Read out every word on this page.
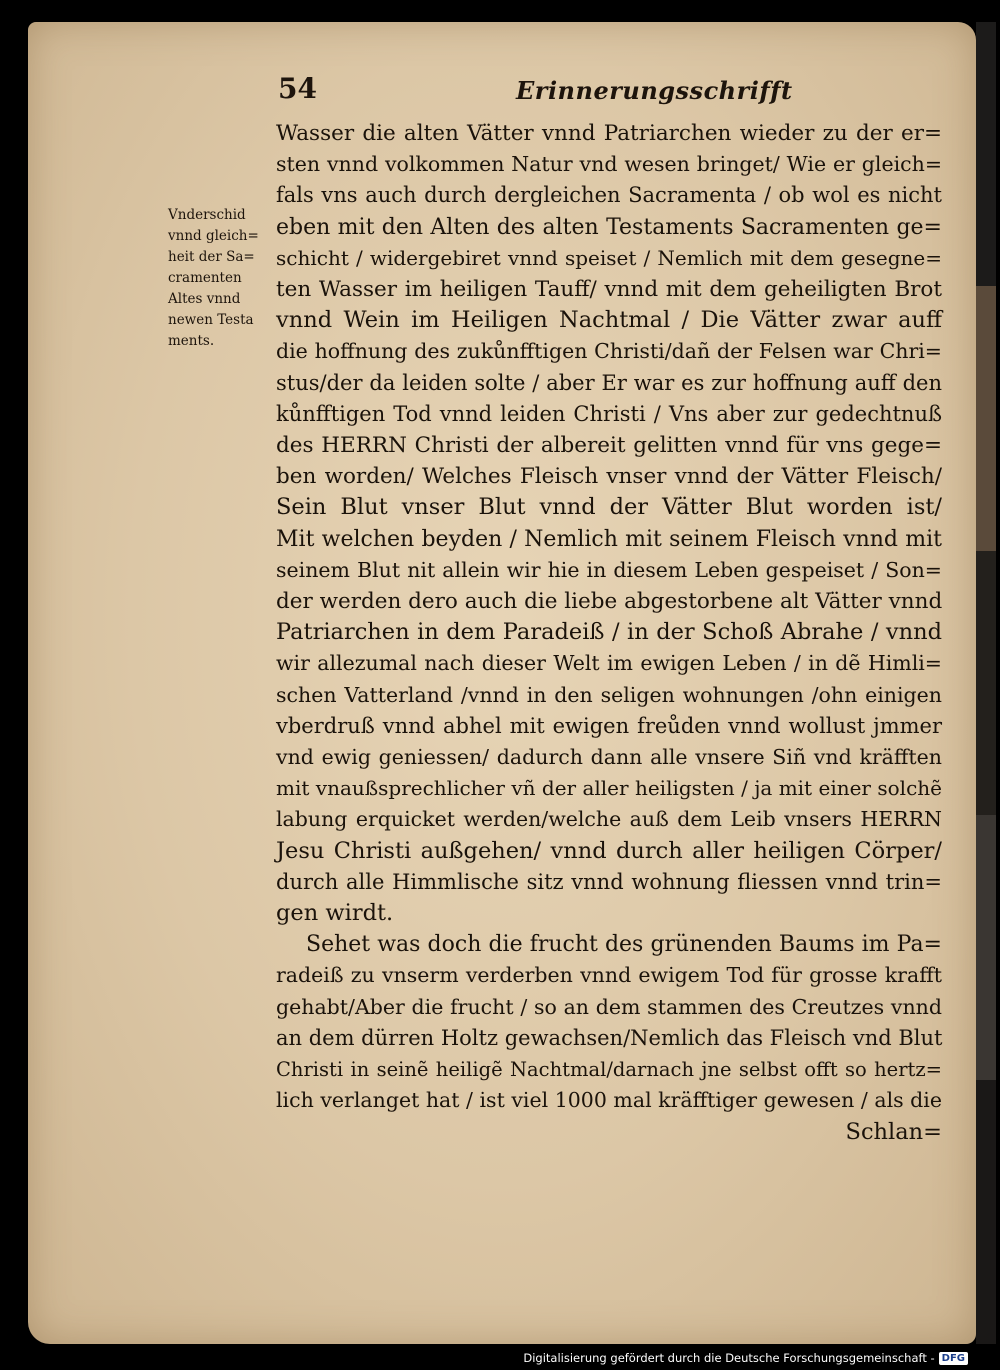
54	Erinnerungsschrifft
Vnderschid
vnnd gleich=
heit der Sa=
cramenten
Altes vnnd
newen Testa
ments.
Wasser die alten Vätter vnnd Patriarchen wieder zu der er=
sten vnnd volkommen Natur vnd wesen bringet/ Wie er gleich=
fals vns auch durch dergleichen Sacramenta / ob wol es nicht
eben mit den Alten des alten Testaments Sacramenten ge=
schicht / widergebiret vnnd speiset / Nemlich mit dem gesegne=
ten Wasser im heiligen Tauff/ vnnd mit dem geheiligten Brot
vnnd Wein im Heiligen Nachtmal / Die Vätter zwar auff
die hoffnung des zukůnfftigen Christi/dañ der Felsen war Chri=
stus/der da leiden solte / aber Er war es zur hoffnung auff den
kůnfftigen Tod vnnd leiden Christi / Vns aber zur gedechtnuß
des HERRN Christi der albereit gelitten vnnd für vns gege=
ben worden/ Welches Fleisch vnser vnnd der Vätter Fleisch/
Sein Blut vnser Blut vnnd der Vätter Blut worden ist/
Mit welchen beyden / Nemlich mit seinem Fleisch vnnd mit
seinem Blut nit allein wir hie in diesem Leben gespeiset / Son=
der werden dero auch die liebe abgestorbene alt Vätter vnnd
Patriarchen in dem Paradeiß / in der Schoß Abrahe / vnnd
wir allezumal nach dieser Welt im ewigen Leben / in dẽ Himli=
schen Vatterland /vnnd in den seligen wohnungen /ohn einigen
vberdruß vnnd abhel mit ewigen freůden vnnd wollust jmmer
vnd ewig geniessen/ dadurch dann alle vnsere Siñ vnd kräfften
mit vnaußsprechlicher vñ der aller heiligsten / ja mit einer solchẽ
labung erquicket werden/welche auß dem Leib vnsers HERRN
Jesu Christi außgehen/ vnnd durch aller heiligen Cörper/
durch alle Himmlische sitz vnnd wohnung fliessen vnnd trin=
gen wirdt.
Sehet was doch die frucht des grünenden Baums im Pa=
radeiß zu vnserm verderben vnnd ewigem Tod für grosse krafft
gehabt/Aber die frucht / so an dem stammen des Creutzes vnnd
an dem dürren Holtz gewachsen/Nemlich das Fleisch vnd Blut
Christi in seinẽ heiligẽ Nachtmal/darnach jne selbst offt so hertz=
lich verlanget hat / ist viel 1000 mal kräfftiger gewesen / als die
Schlan=
Digitalisierung gefördert durch die Deutsche Forschungsgemeinschaft - DFG
